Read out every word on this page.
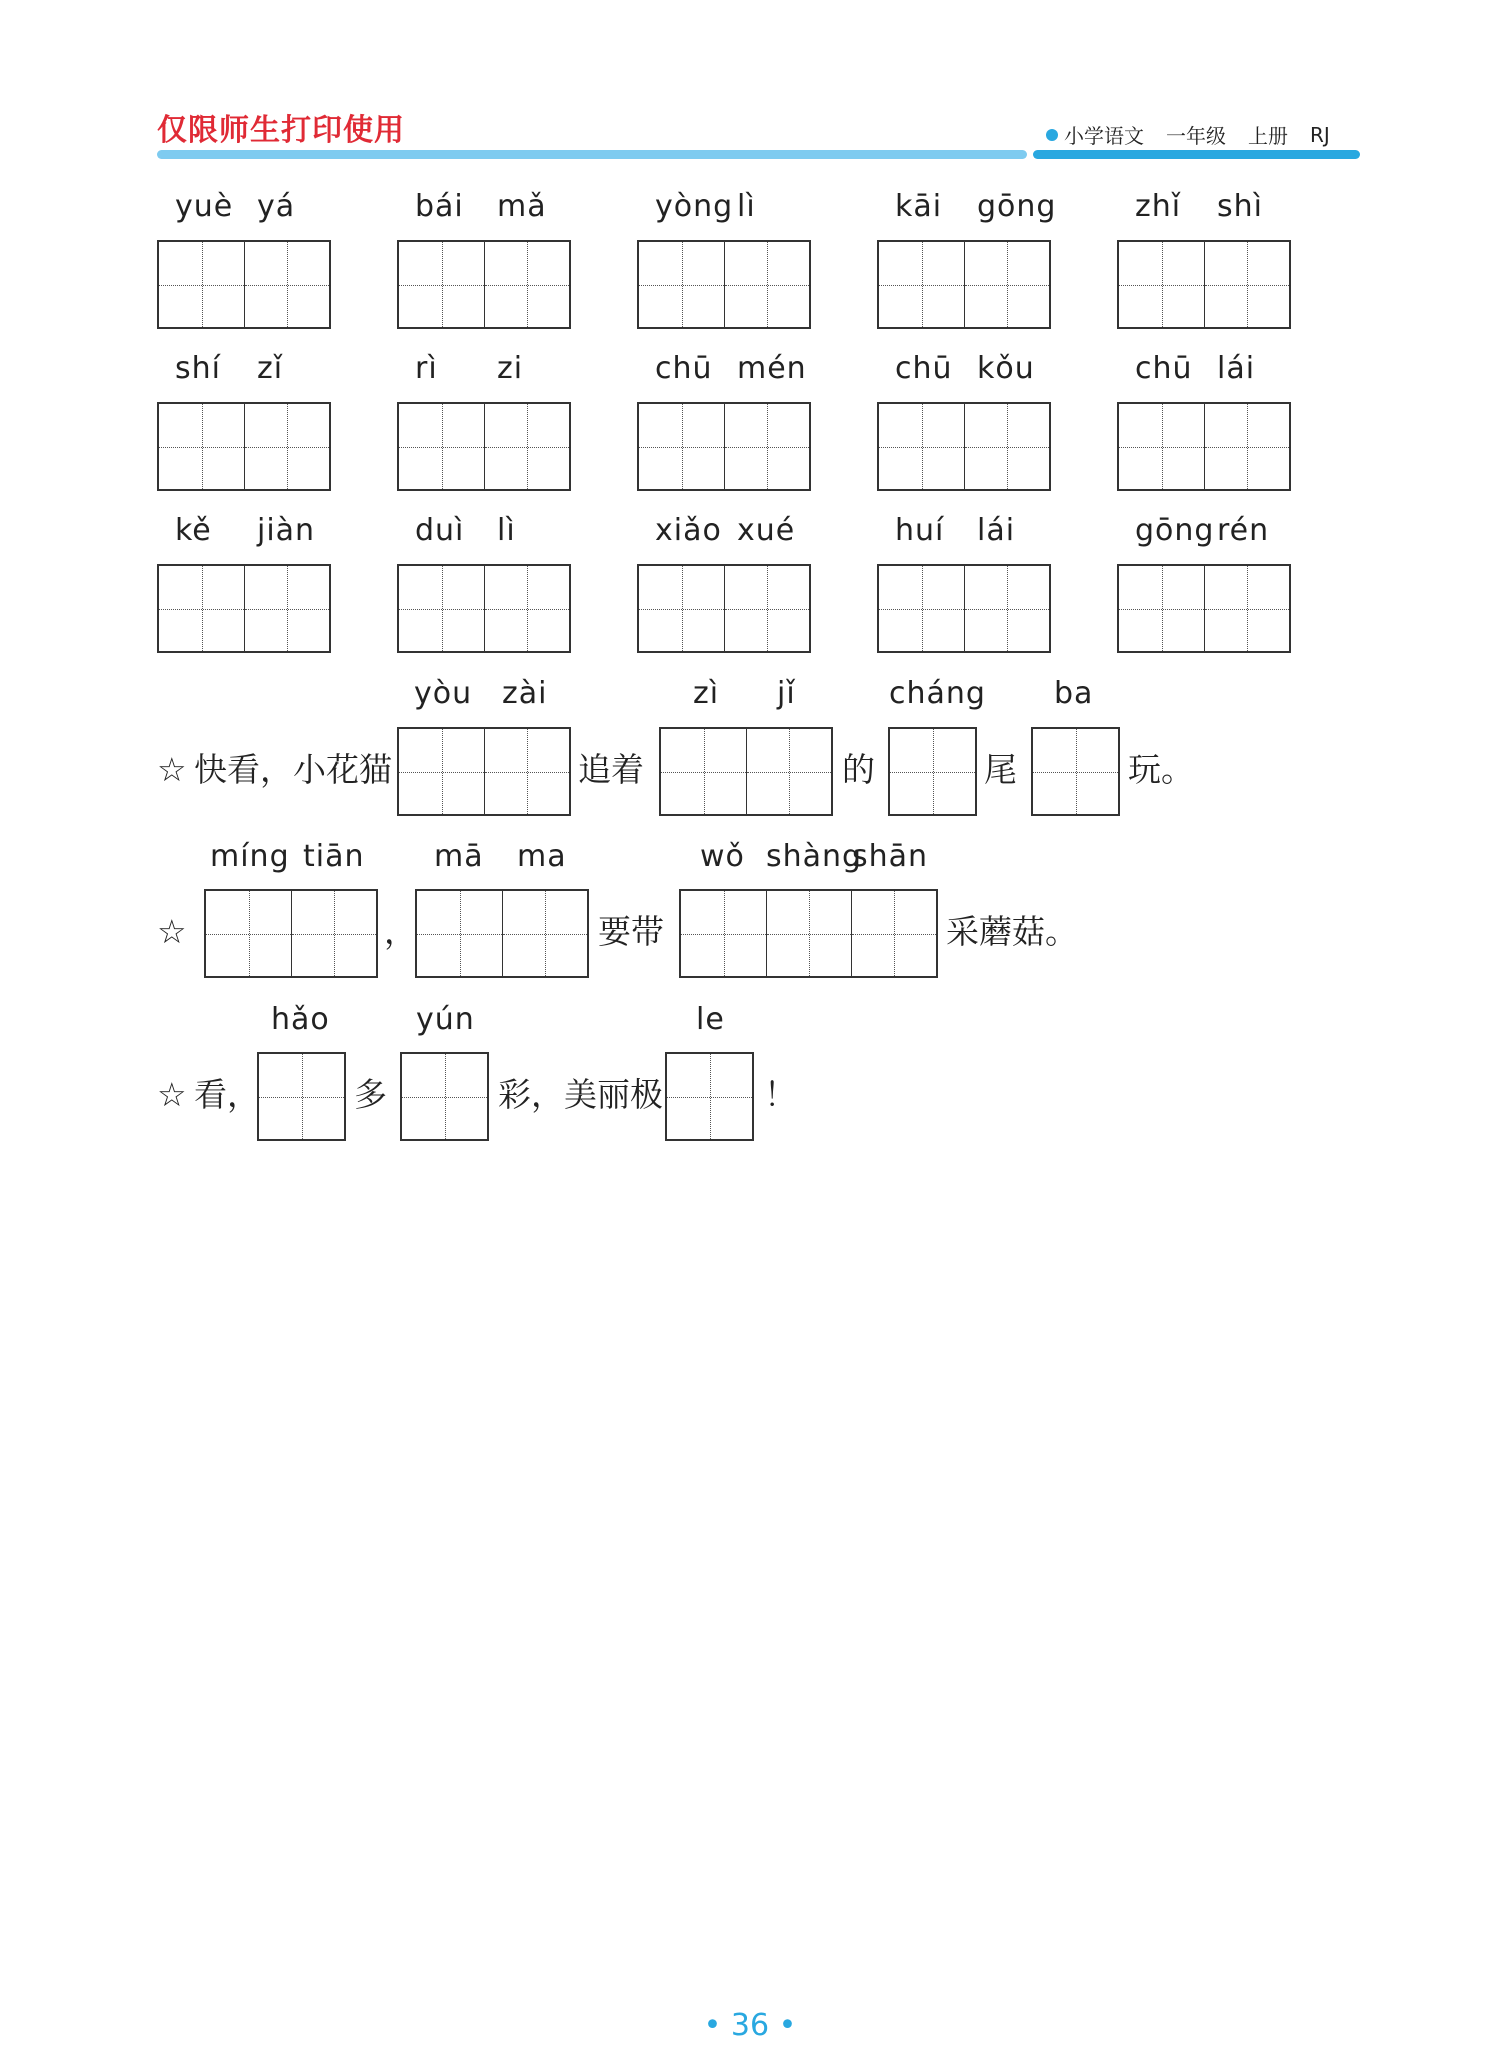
仅限师生打印使用	小学语文 一年级 上册 RJ
yuè yá	bái mǎ	yòng lì	kāi gōng	zhǐ shì
shí zǐ	rì zi	chū mén	chū kǒu	chū lái
kě jiàn	duì lì	xiǎo xué	huí lái	gōng rén
yòu zài	zì jǐ	cháng ba
☆ 快看，小花猫	追着	的	尾	玩。
míng tiān mā ma	wǒ shàng
shān
☆	，	要带	采蘑菇。
hǎo	yún	le
☆ 看，	多	彩，美丽极	！
• 36 •
